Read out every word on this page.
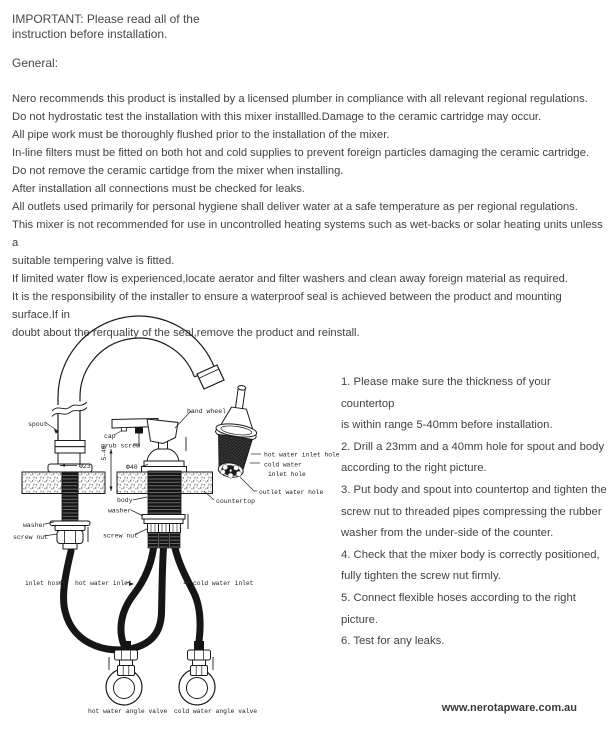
IMPORTANT: Please read all of the
instruction before installation.
General:
Nero recommends this product is installed by a licensed plumber in compliance with all relevant regional regulations.
Do not hydrostatic test the installation with this mixer installled.Damage to the ceramic cartridge may occur.
All pipe work must be thoroughly flushed prior to the installation of the mixer.
In-line filters must be fitted on both hot and cold supplies to prevent foreign particles damaging the ceramic cartridge.
Do not remove the ceramic cartidge from the mixer when installing.
After installation all connections must be checked for leaks.
All outlets used primarily for personal hygiene shall deliver water at a safe temperature as per regional regulations.
This mixer is not recommended for use in uncontrolled heating systems such as wet-backs or solar heating units unless a
suitable tempering valve is fitted.
If limited water flow is experienced,locate aerator and filter washers and clean away foreign material as required.
It is the responsibility of the installer to ensure a waterproof seal is achieved between the product and mounting surface.If in
doubt about the rerquality of the seal,remove the product and reinstall.
1. Please make sure the thickness of your countertop
is within range 5-40mm before installation.
2. Drill a 23mm and a 40mm hole for spout and body
according to the right picture.
3. Put body and spout into countertop and tighten the
screw nut to threaded pipes compressing the rubber
washer from the under-side of the counter.
4. Check that the mixer body is correctly positioned,
fully tighten the screw nut firmly.
5. Connect flexible hoses according to the right
picture.
6. Test for any leaks.
spout
hand wheel
cap
grub screw
5-40
Φ23	Φ40
body
washer
screw nut
countertop
washer
screw nut
inlet hose hot water inlet	cold water inlet
hot water inlet hole
cold water
inlet hole
outlet water hole
hot water angle valve cold water angle valve	www.nerotapware.com.au
